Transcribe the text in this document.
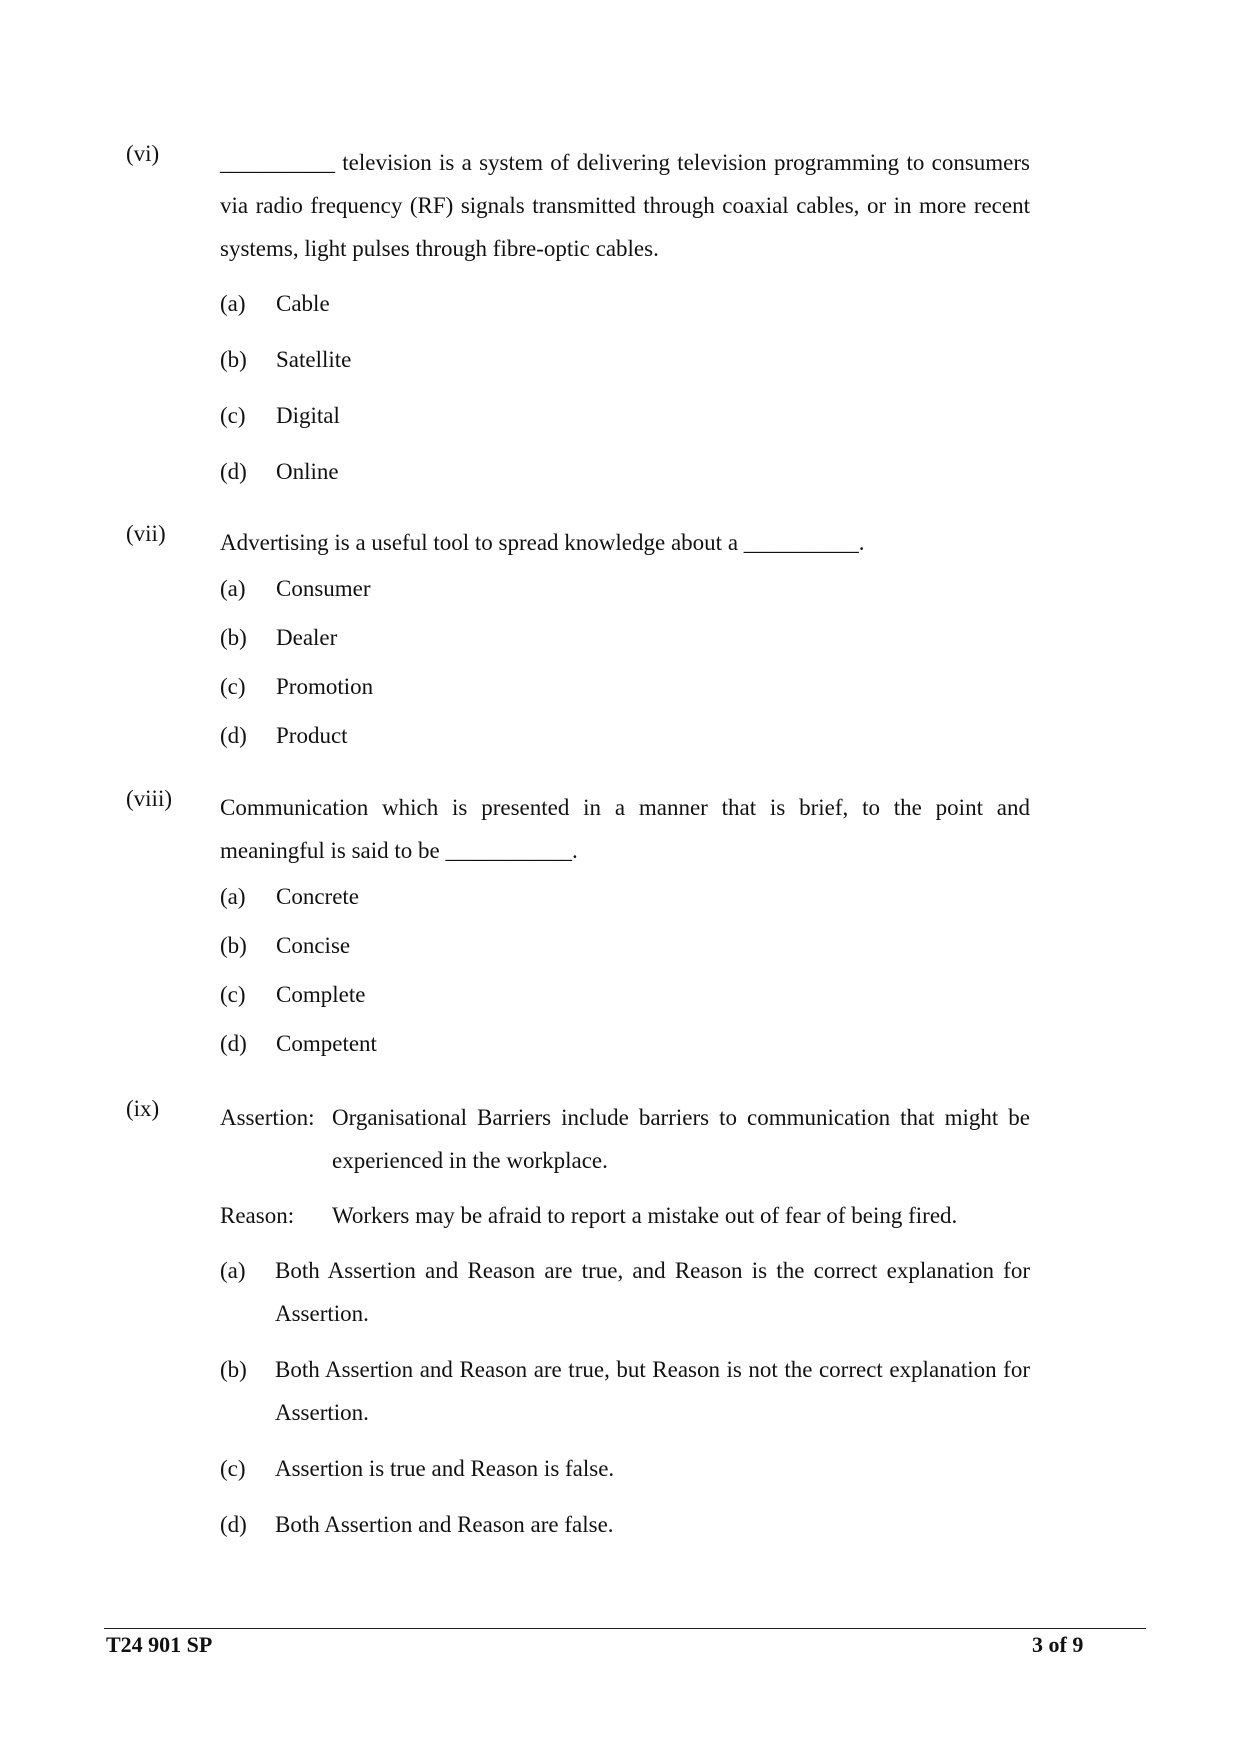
(vi)	__________ television is a system of delivering television programming to consumers via radio frequency (RF) signals transmitted through coaxial cables, or in more recent systems, light pulses through fibre-optic cables.

(a) Cable
(b) Satellite
(c) Digital
(d) Online
(vii)	Advertising is a useful tool to spread knowledge about a __________.

(a) Consumer
(b) Dealer
(c) Promotion
(d) Product
(viii)	Communication which is presented in a manner that is brief, to the point and meaningful is said to be ___________.

(a) Concrete
(b) Concise
(c) Complete
(d) Competent
(ix)	Assertion: Organisational Barriers include barriers to communication that might be experienced in the workplace.
Reason: Workers may be afraid to report a mistake out of fear of being fired.
(a) Both Assertion and Reason are true, and Reason is the correct explanation for Assertion.
(b) Both Assertion and Reason are true, but Reason is not the correct explanation for Assertion.
(c) Assertion is true and Reason is false.
(d) Both Assertion and Reason are false.
T24 901 SP	3 of 9
